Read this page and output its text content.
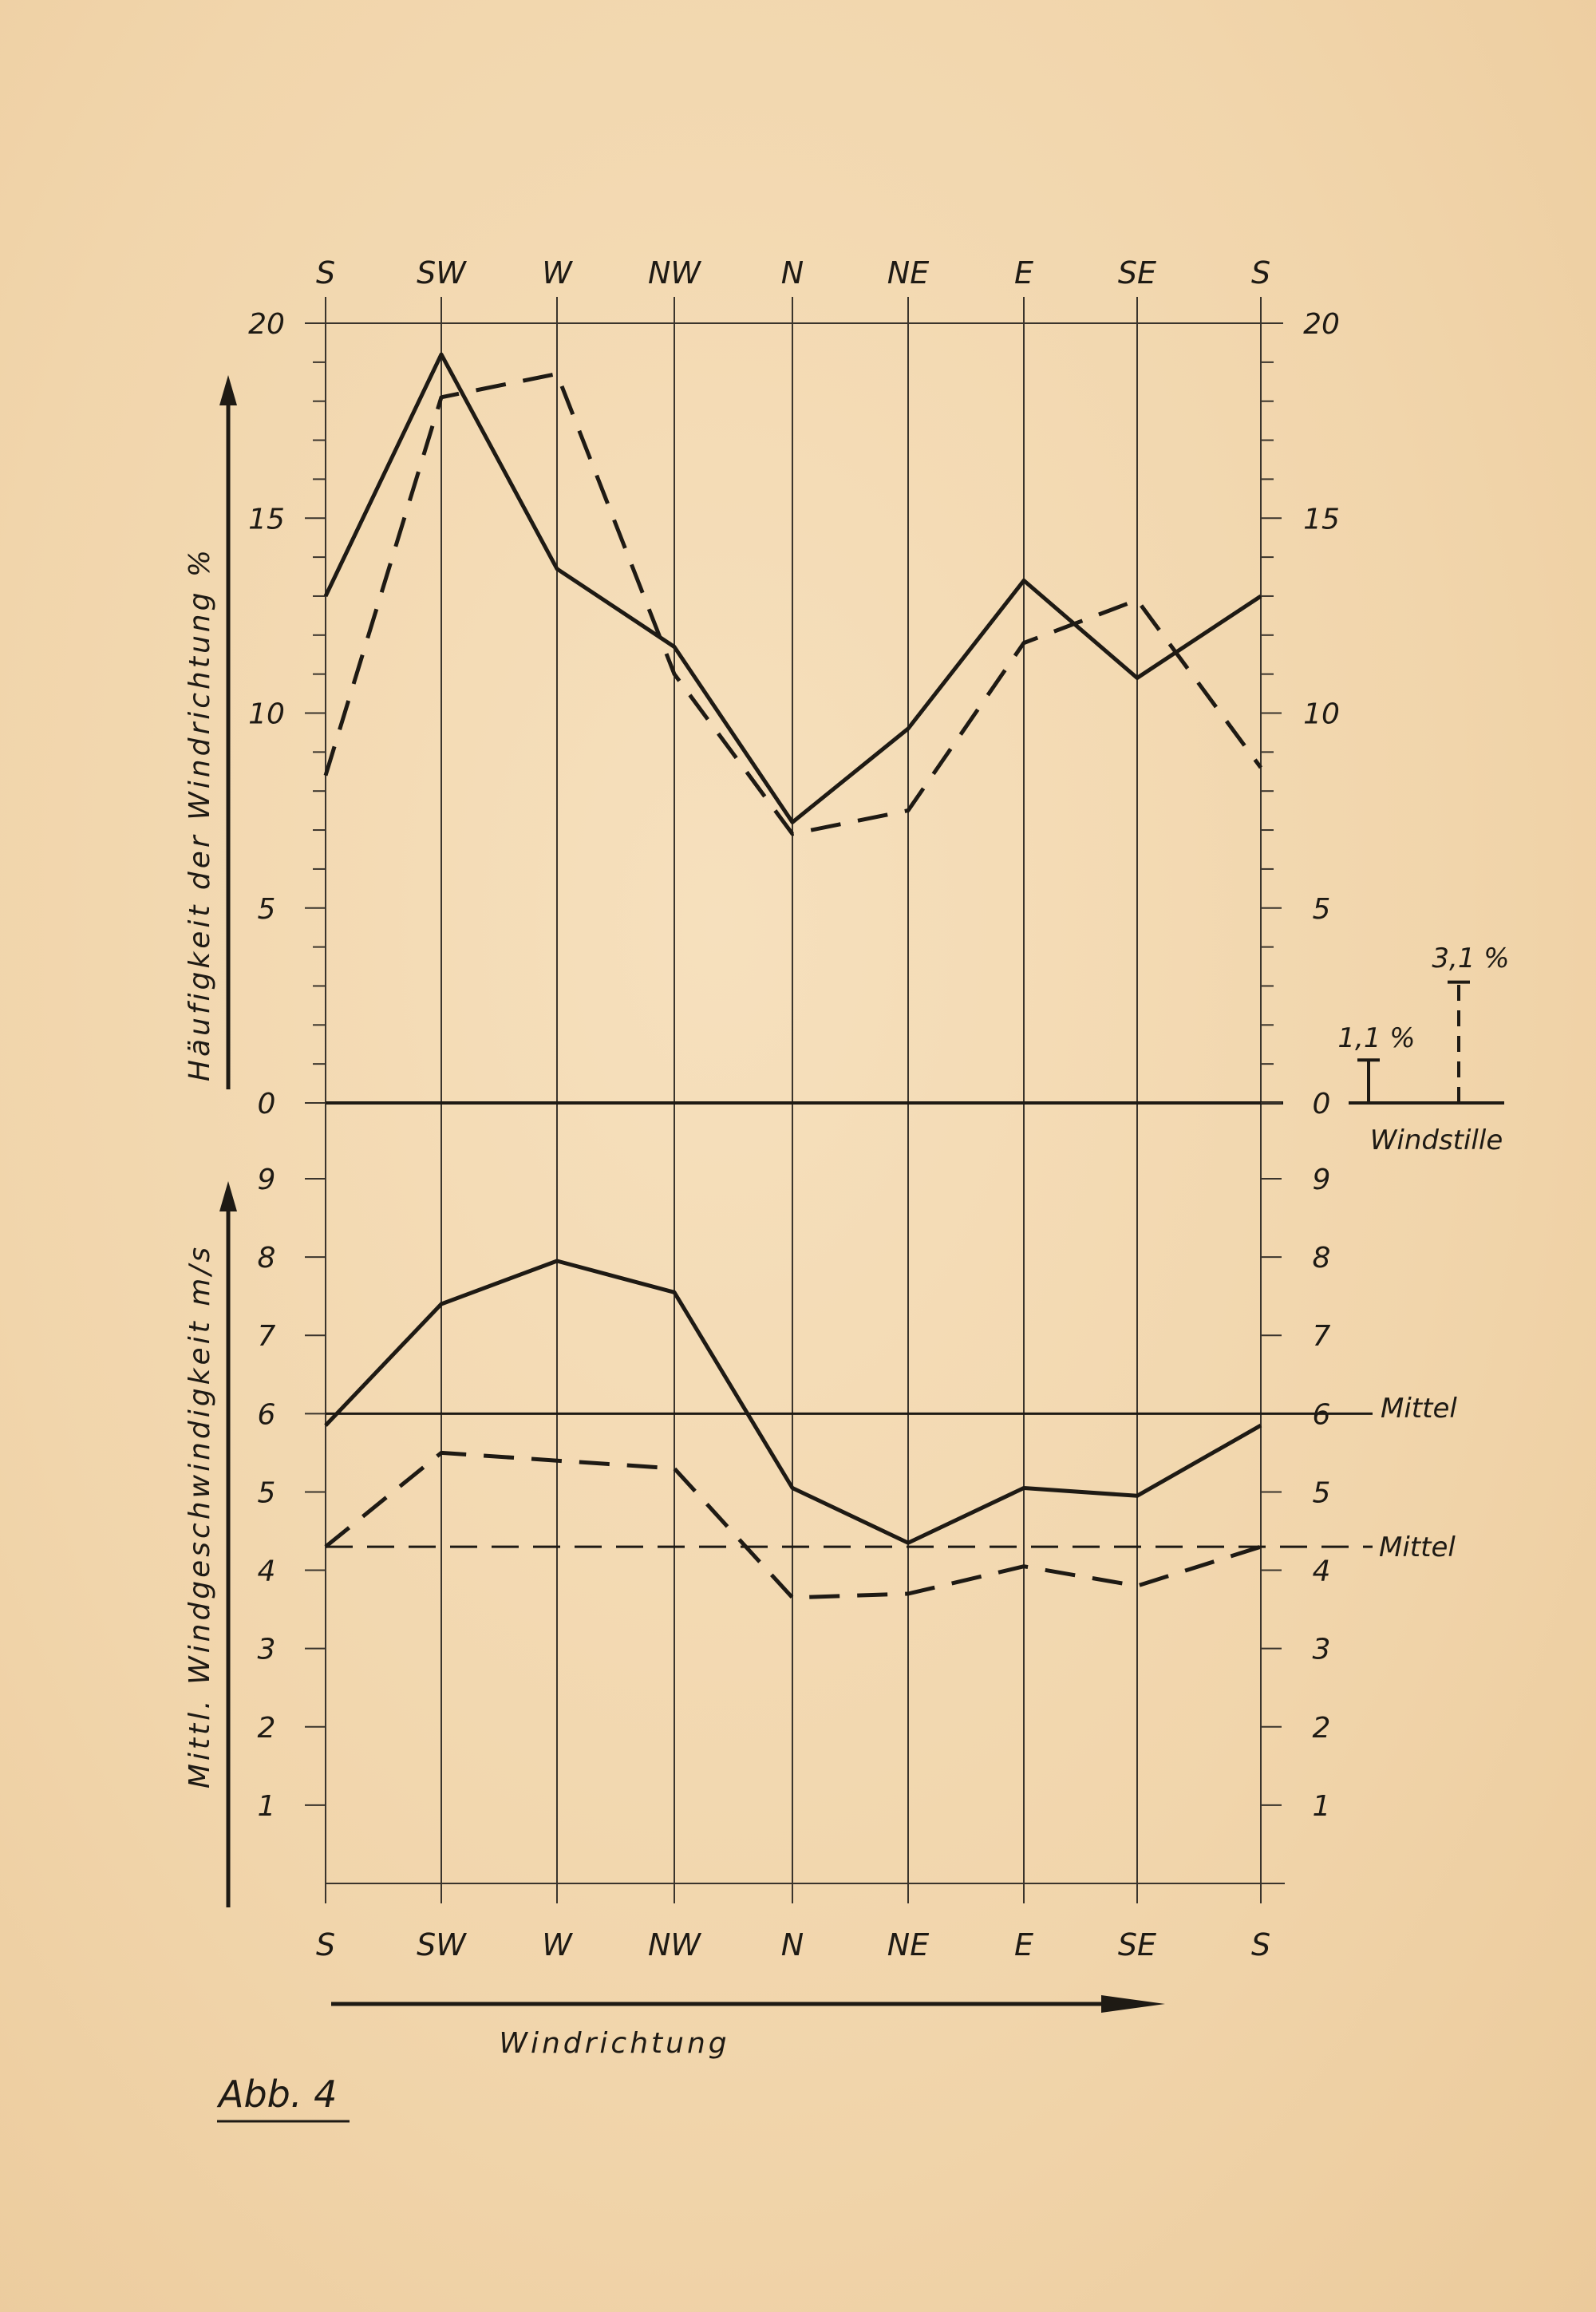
Häufigkeit der Windrichtung %
Mittl. Windgeschwindigkeit m/s
Windrichtung
Windstille
1,1 %
3,1 %
Mittel
Mittel
Abb. 4
0	0
5	5
10	10
15	15
20	20
1	1
2	2
3	3
4	4
5	5
6	6
7	7
8	8
9	9
S
S
SW
SW
W
W
NW
NW
N
N
NE
NE
E
E
SE
SE
S
S
